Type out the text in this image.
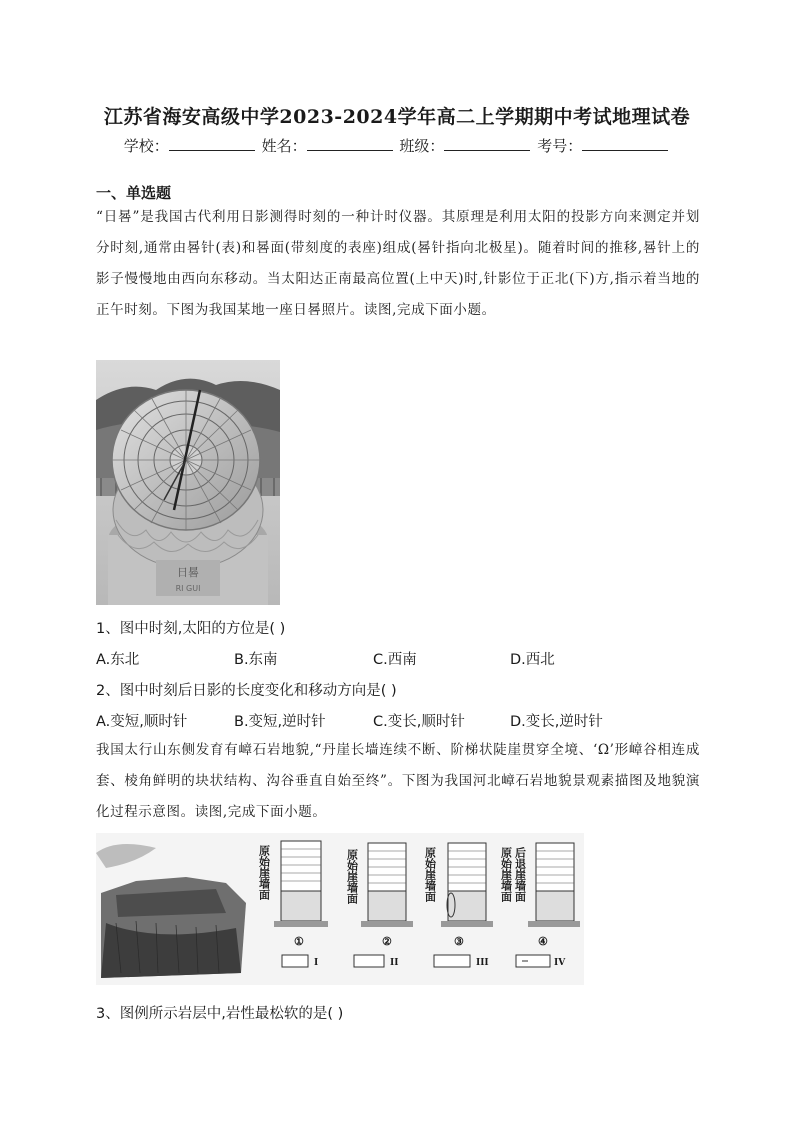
江苏省海安高级中学2023-2024学年高二上学期期中考试地理试卷
学校：	姓名：	班级：	考号：
一、单选题
“日晷”是我国古代利用日影测得时刻的一种计时仪器。其原理是利用太阳的投影方向来测定并划分时刻,通常由晷针(表)和晷面(带刻度的表座)组成(晷针指向北极星)。随着时间的推移,晷针上的影子慢慢地由西向东移动。当太阳达正南最高位置(上中天)时,针影位于正北(下)方,指示着当地的正午时刻。下图为我国某地一座日晷照片。读图,完成下面小题。
日晷
RI GUI
1、图中时刻,太阳的方位是( )
A.东北	B.东南	C.西南	D.西北
2、图中时刻后日影的长度变化和移动方向是( )
A.变短,顺时针	B.变短,逆时针	C.变长,顺时针	D.变长,逆时针
我国太行山东侧发育有嶂石岩地貌,“丹崖长墙连续不断、阶梯状陡崖贯穿全境、‘Ω’形嶂谷相连成套、棱角鲜明的块状结构、沟谷垂直自始至终”。下图为我国河北嶂石岩地貌景观素描图及地貌演化过程示意图。读图,完成下面小题。
原始崖墙面
①
I
原始崖墙面
②
II
原始崖墙面
③
III
原始崖墙面 后退崖墙面
④
IV
3、图例所示岩层中,岩性最松软的是( )
